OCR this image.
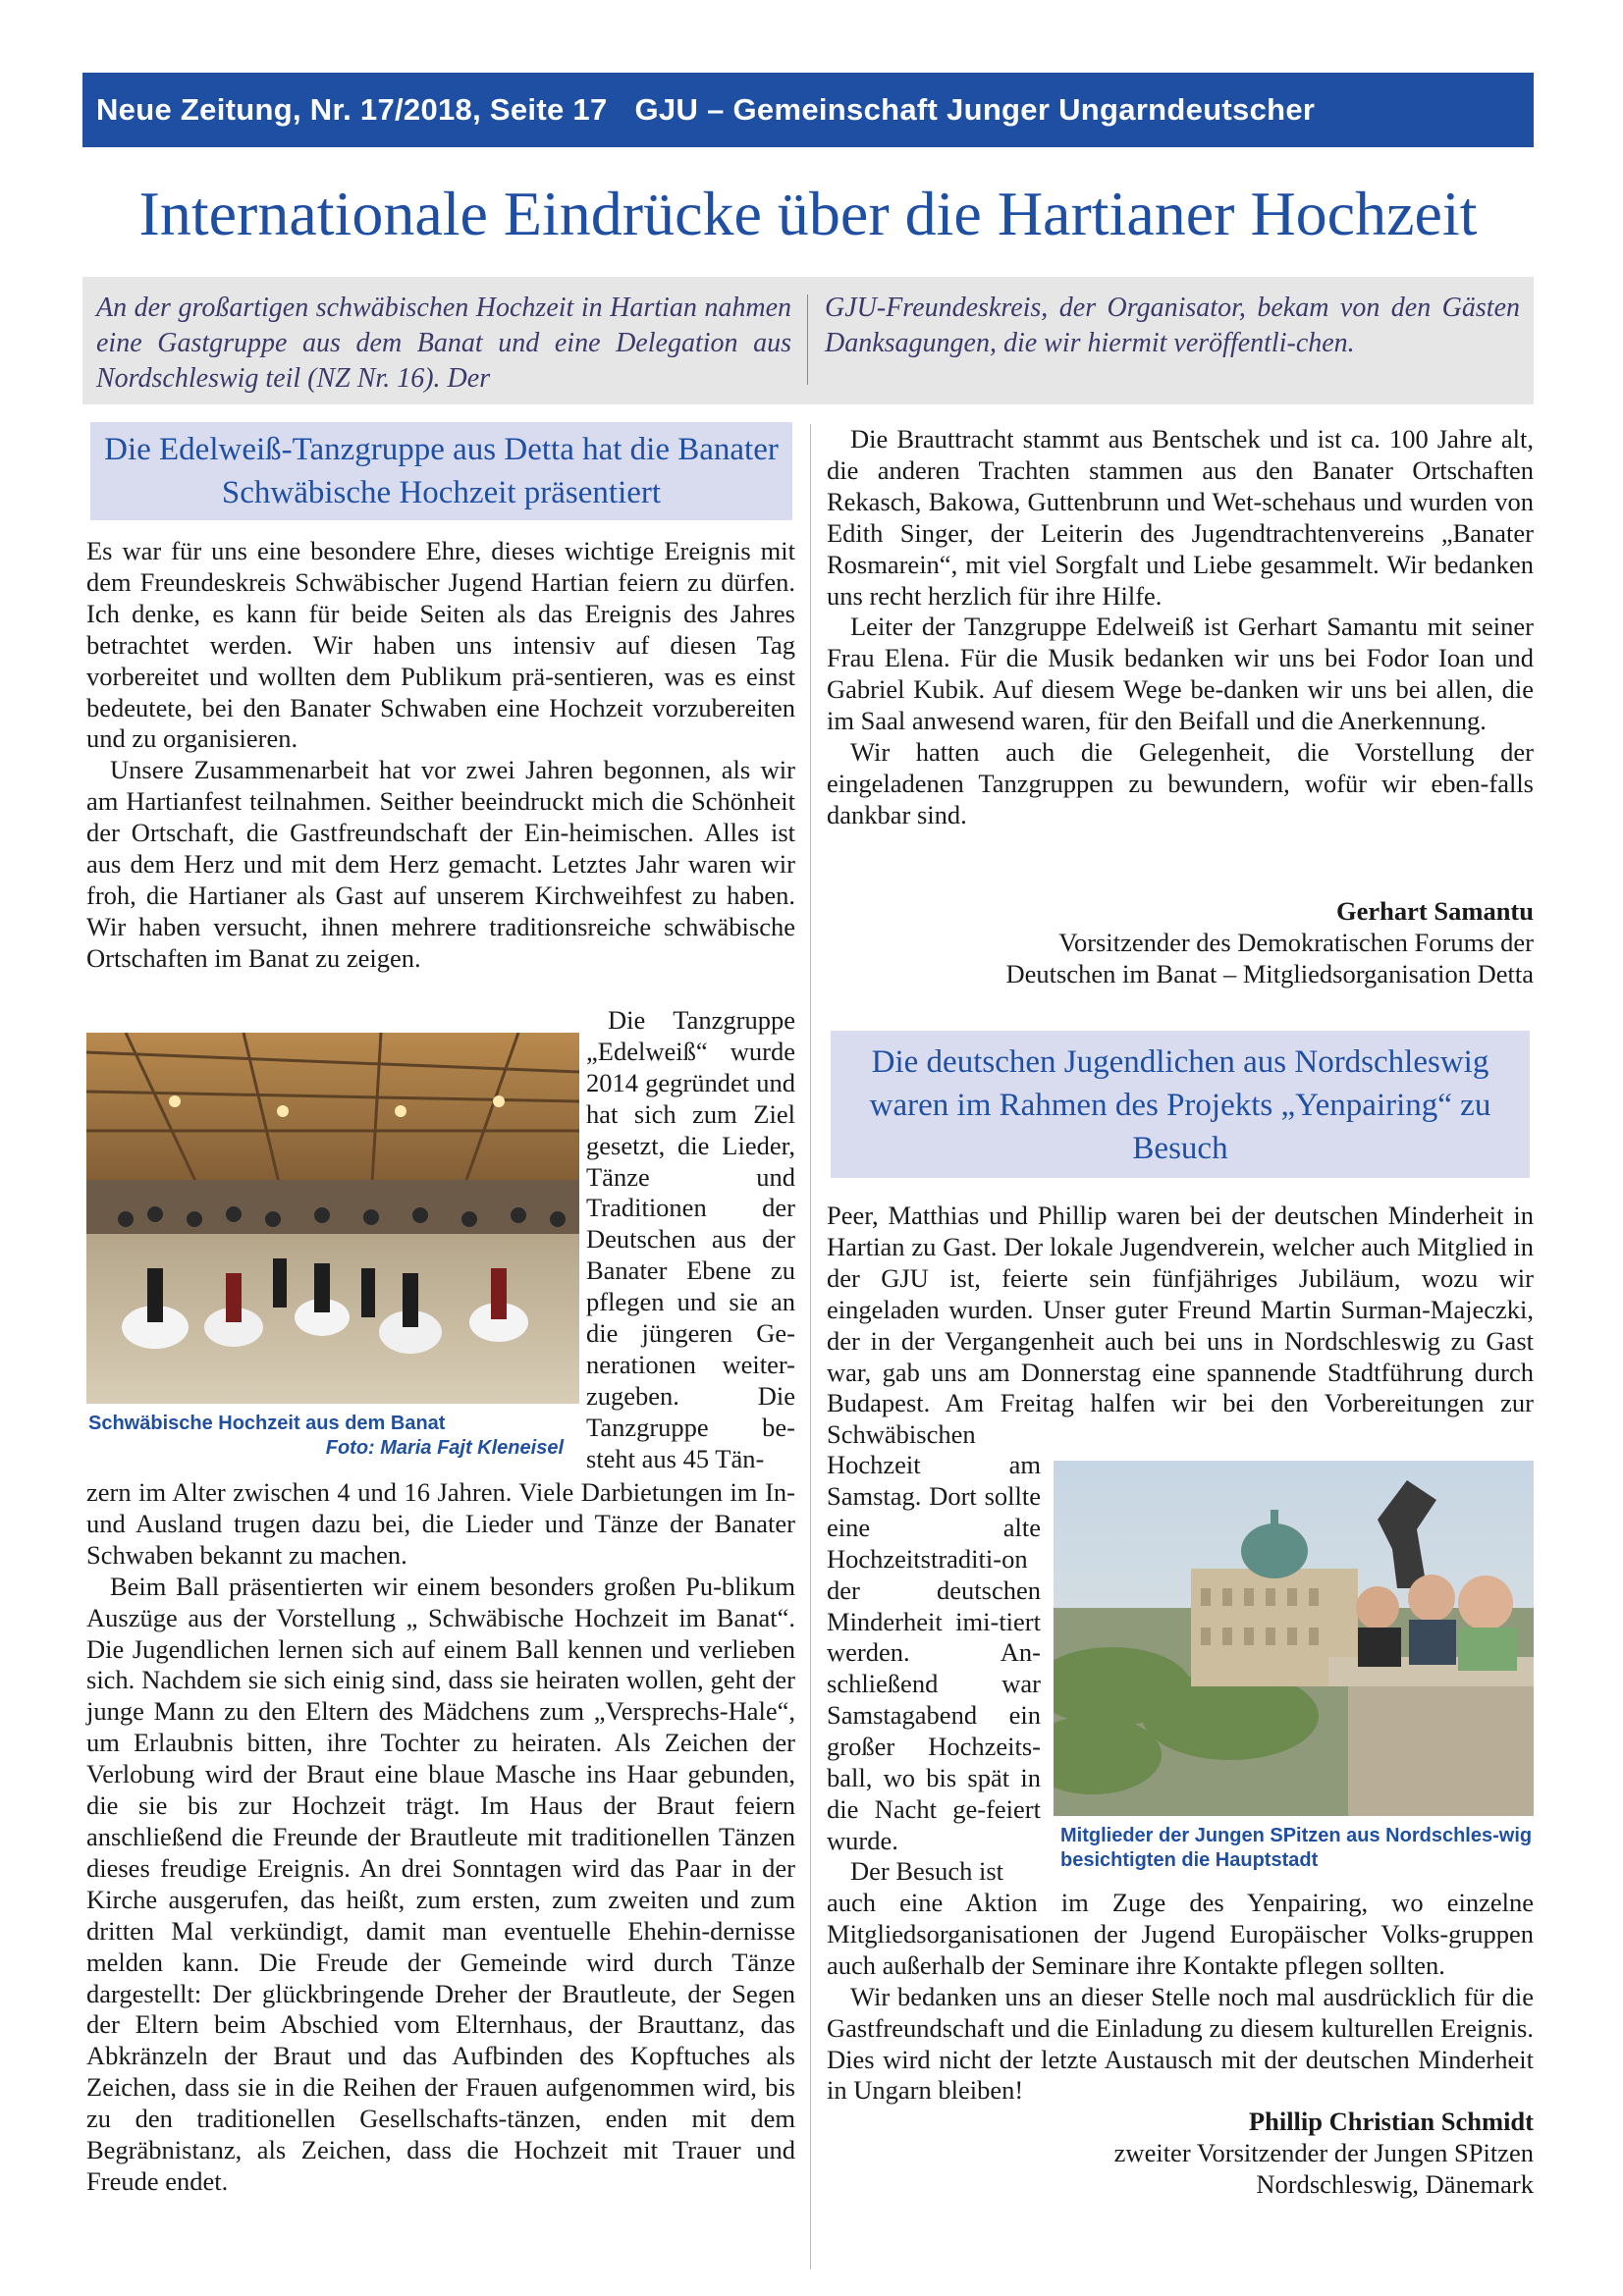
Neue Zeitung, Nr. 17/2018, Seite 17 GJU – Gemeinschaft Junger Ungarndeutscher
Internationale Eindrücke über die Hartianer Hochzeit
An der großartigen schwäbischen Hochzeit in Hartian nahmen eine Gastgruppe aus dem Banat und eine Delegation aus Nordschleswig teil (NZ Nr. 16). Der
GJU-Freundeskreis, der Organisator, bekam von den Gästen Danksagungen, die wir hiermit veröffentli-chen.
Die Edelweiß-Tanzgruppe aus Detta hat die Banater Schwäbische Hochzeit präsentiert

Es war für uns eine besondere Ehre, dieses wichtige Ereignis mit dem Freundeskreis Schwäbischer Jugend Hartian feiern zu dürfen. Ich denke, es kann für beide Seiten als das Ereignis des Jahres betrachtet werden. Wir haben uns intensiv auf diesen Tag vorbereitet und wollten dem Publikum prä-sentieren, was es einst bedeutete, bei den Banater Schwaben eine Hochzeit vorzubereiten und zu organisieren.

Unsere Zusammenarbeit hat vor zwei Jahren begonnen, als wir am Hartianfest teilnahmen. Seither beeindruckt mich die Schönheit der Ortschaft, die Gastfreundschaft der Ein-heimischen. Alles ist aus dem Herz und mit dem Herz gemacht. Letztes Jahr waren wir froh, die Hartianer als Gast auf unserem Kirchweihfest zu haben. Wir haben versucht, ihnen mehrere traditionsreiche schwäbische Ortschaften im Banat zu zeigen.

Schwäbische Hochzeit aus dem Banat
Foto: Maria Fajt Kleneisel
Die Tanzgruppe „Edelweiß“ wurde 2014 gegründet und hat sich zum Ziel gesetzt, die Lieder, Tänze und Traditionen der Deutschen aus der Banater Ebene zu pflegen und sie an die jüngeren Ge-nerationen weiter-zugeben. Die Tanzgruppe be-steht aus 45 Tän-

zern im Alter zwischen 4 und 16 Jahren. Viele Darbietungen im In- und Ausland trugen dazu bei, die Lieder und Tänze der Banater Schwaben bekannt zu machen.

Beim Ball präsentierten wir einem besonders großen Pu-blikum Auszüge aus der Vorstellung „ Schwäbische Hochzeit im Banat“. Die Jugendlichen lernen sich auf einem Ball kennen und verlieben sich. Nachdem sie sich einig sind, dass sie heiraten wollen, geht der junge Mann zu den Eltern des Mädchens zum „Versprechs-Hale“, um Erlaubnis bitten, ihre Tochter zu heiraten. Als Zeichen der Verlobung wird der Braut eine blaue Masche ins Haar gebunden, die sie bis zur Hochzeit trägt. Im Haus der Braut feiern anschließend die Freunde der Brautleute mit traditionellen Tänzen dieses freudige Ereignis. An drei Sonntagen wird das Paar in der Kirche ausgerufen, das heißt, zum ersten, zum zweiten und zum dritten Mal verkündigt, damit man eventuelle Ehehin-dernisse melden kann. Die Freude der Gemeinde wird durch Tänze dargestellt: Der glückbringende Dreher der Brautleute, der Segen der Eltern beim Abschied vom Elternhaus, der Brauttanz, das Abkränzeln der Braut und das Aufbinden des Kopftuches als Zeichen, dass sie in die Reihen der Frauen aufgenommen wird, bis zu den traditionellen Gesellschafts-tänzen, enden mit dem Begräbnistanz, als Zeichen, dass die Hochzeit mit Trauer und Freude endet.

Die Brauttracht stammt aus Bentschek und ist ca. 100 Jahre alt, die anderen Trachten stammen aus den Banater Ortschaften Rekasch, Bakowa, Guttenbrunn und Wet-schehaus und wurden von Edith Singer, der Leiterin des Jugendtrachtenvereins „Banater Rosmarein“, mit viel Sorgfalt und Liebe gesammelt. Wir bedanken uns recht herzlich für ihre Hilfe.

Leiter der Tanzgruppe Edelweiß ist Gerhart Samantu mit seiner Frau Elena. Für die Musik bedanken wir uns bei Fodor Ioan und Gabriel Kubik. Auf diesem Wege be-danken wir uns bei allen, die im Saal anwesend waren, für den Beifall und die Anerkennung.

Wir hatten auch die Gelegenheit, die Vorstellung der eingeladenen Tanzgruppen zu bewundern, wofür wir eben-falls dankbar sind.

Gerhart Samantu
Vorsitzender des Demokratischen Forums der
Deutschen im Banat – Mitgliedsorganisation Detta
Die deutschen Jugendlichen aus Nordschleswig waren im Rahmen des Projekts „Yenpairing“ zu Besuch

Peer, Matthias und Phillip waren bei der deutschen Minderheit in Hartian zu Gast. Der lokale Jugendverein, welcher auch Mitglied in der GJU ist, feierte sein fünfjähriges Jubiläum, wozu wir eingeladen wurden. Unser guter Freund Martin Surman-Majeczki, der in der Vergangenheit auch bei uns in Nordschleswig zu Gast war, gab uns am Donnerstag eine spannende Stadtführung durch Budapest. Am Freitag halfen wir bei den Vorbereitungen zur Schwäbischen

Hochzeit am Samstag. Dort sollte eine alte Hochzeitstraditi-on der deutschen Minderheit imi-tiert werden. An-schließend war Samstagabend ein großer Hochzeits-ball, wo bis spät in die Nacht ge-feiert wurde.
Der Besuch ist
Mitglieder der Jungen SPitzen aus Nordschles-wig besichtigten die Hauptstadt

auch eine Aktion im Zuge des Yenpairing, wo einzelne Mitgliedsorganisationen der Jugend Europäischer Volks-gruppen auch außerhalb der Seminare ihre Kontakte pflegen sollten.

Wir bedanken uns an dieser Stelle noch mal ausdrücklich für die Gastfreundschaft und die Einladung zu diesem kulturellen Ereignis. Dies wird nicht der letzte Austausch mit der deutschen Minderheit in Ungarn bleiben!

Phillip Christian Schmidt
zweiter Vorsitzender der Jungen SPitzen
Nordschleswig, Dänemark
